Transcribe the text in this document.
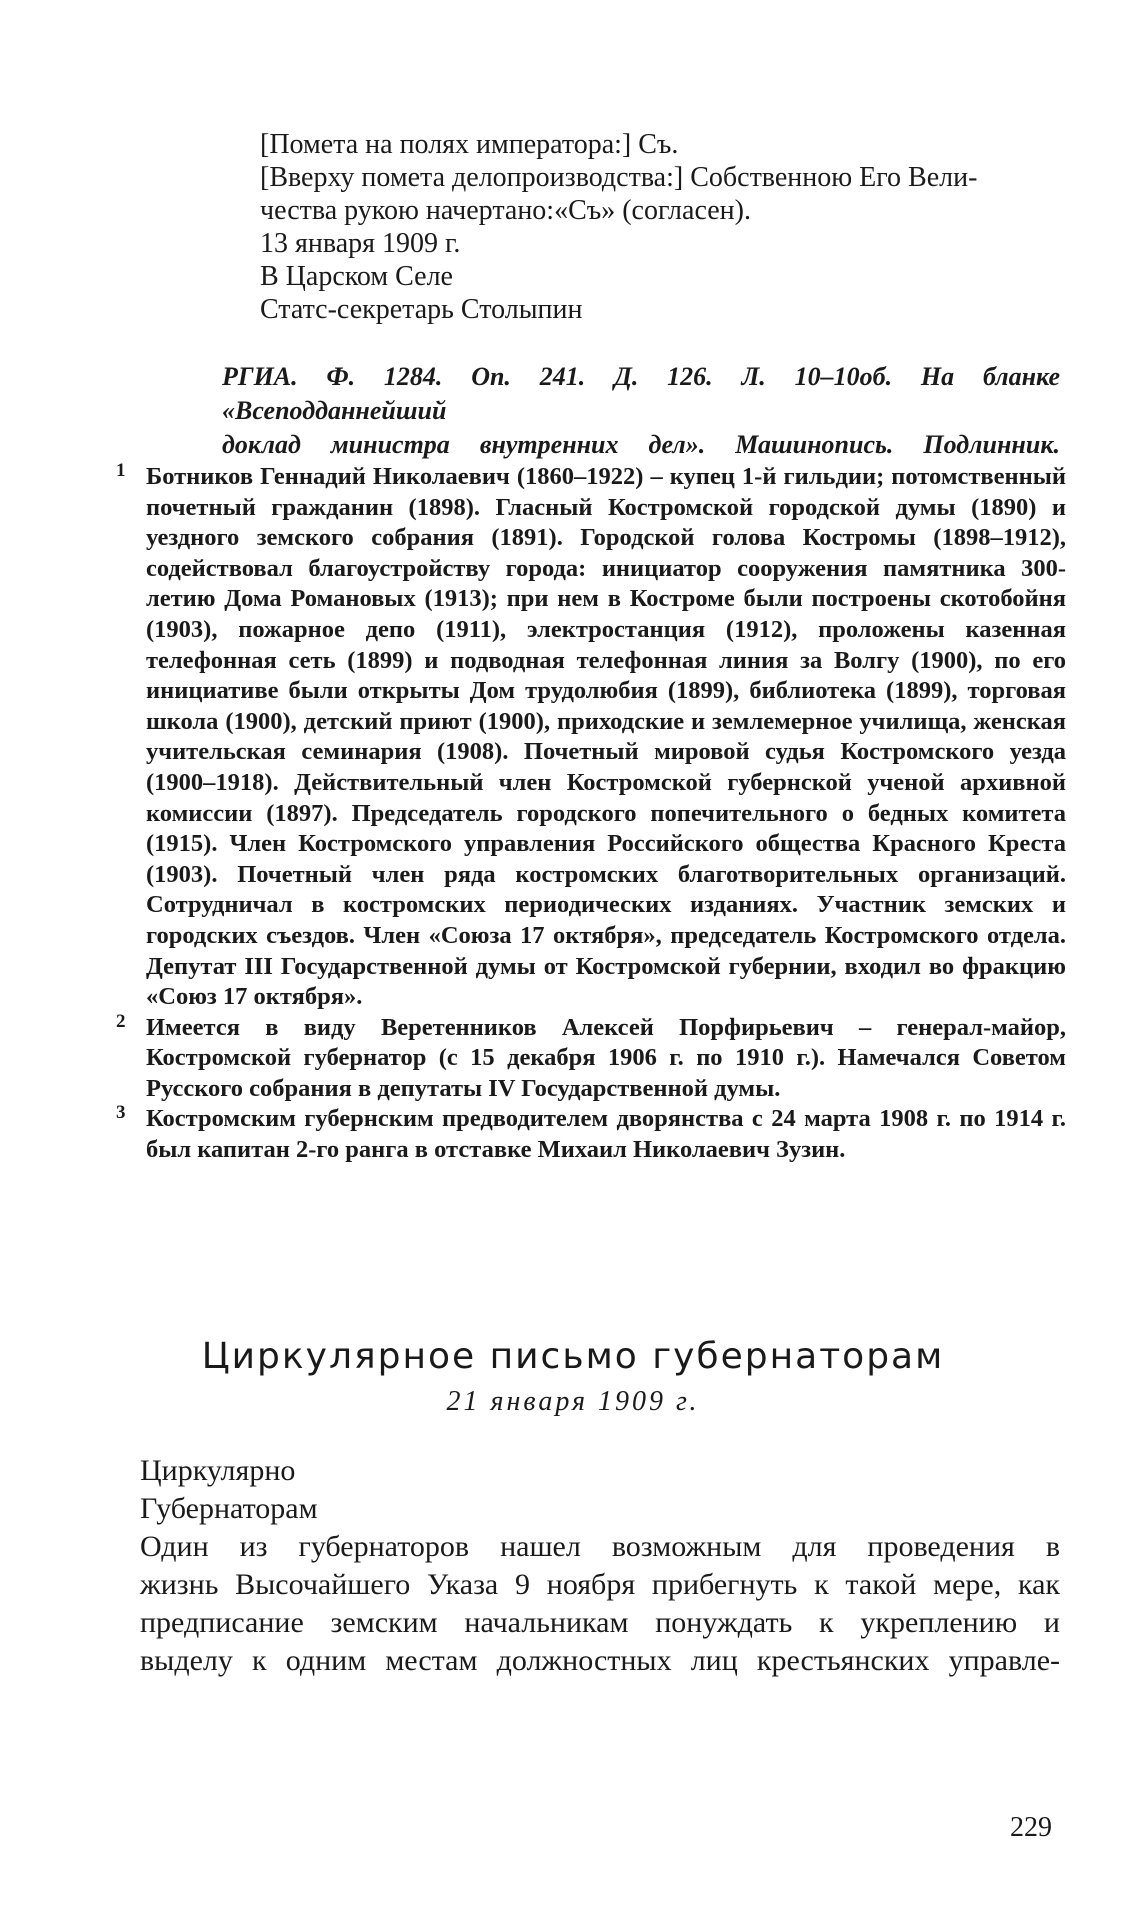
[Помета на полях императора:] Съ.
[Вверху помета делопроизводства:] Собственною Его Вели-
чества рукою начертано:«Съ» (согласен).
13 января 1909 г.
В Царском Селе
Статс-секретарь Столыпин
РГИА. Ф. 1284. Оп. 241. Д. 126. Л. 10–10об. На бланке «Всеподданнейший
доклад министра внутренних дел». Машинопись. Подлинник.
1 Ботников Геннадий Николаевич (1860–1922) – купец 1-й гильдии; потомственный почетный гражданин (1898). Гласный Костромской городской думы (1890) и уездного земского собрания (1891). Городской голова Костромы (1898–1912), содействовал благоустройству города: инициатор сооружения памятника 300-летию Дома Романовых (1913); при нем в Костроме были построены скотобойня (1903), пожарное депо (1911), электростанция (1912), проложены казенная телефонная сеть (1899) и подводная телефонная линия за Волгу (1900), по его инициативе были открыты Дом трудолюбия (1899), библиотека (1899), торговая школа (1900), детский приют (1900), приходские и землемерное училища, женская учительская семинария (1908). Почетный мировой судья Костромского уезда (1900–1918). Действительный член Костромской губернской ученой архивной комиссии (1897). Председатель городского попечительного о бедных комитета (1915). Член Костромского управления Российского общества Красного Креста (1903). Почетный член ряда костромских благотворительных организаций. Сотрудничал в костромских периодических изданиях. Участник земских и городских съездов. Член «Союза 17 октября», председатель Костромского отдела. Депутат III Государственной думы от Костромской губернии, входил во фракцию «Союз 17 октября».
2 Имеется в виду Веретенников Алексей Порфирьевич – генерал-майор, Костромской губернатор (с 15 декабря 1906 г. по 1910 г.). Намечался Советом Русского собрания в депутаты IV Государственной думы.
3 Костромским губернским предводителем дворянства с 24 марта 1908 г. по 1914 г. был капитан 2-го ранга в отставке Михаил Николаевич Зузин.
Циркулярное письмо губернаторам
21 января 1909 г.
Циркулярно
Губернаторам
Один из губернаторов нашел возможным для проведения в
жизнь Высочайшего Указа 9 ноября прибегнуть к такой мере, как
предписание земским начальникам понуждать к укреплению и
выделу к одним местам должностных лиц крестьянских управле-
229
